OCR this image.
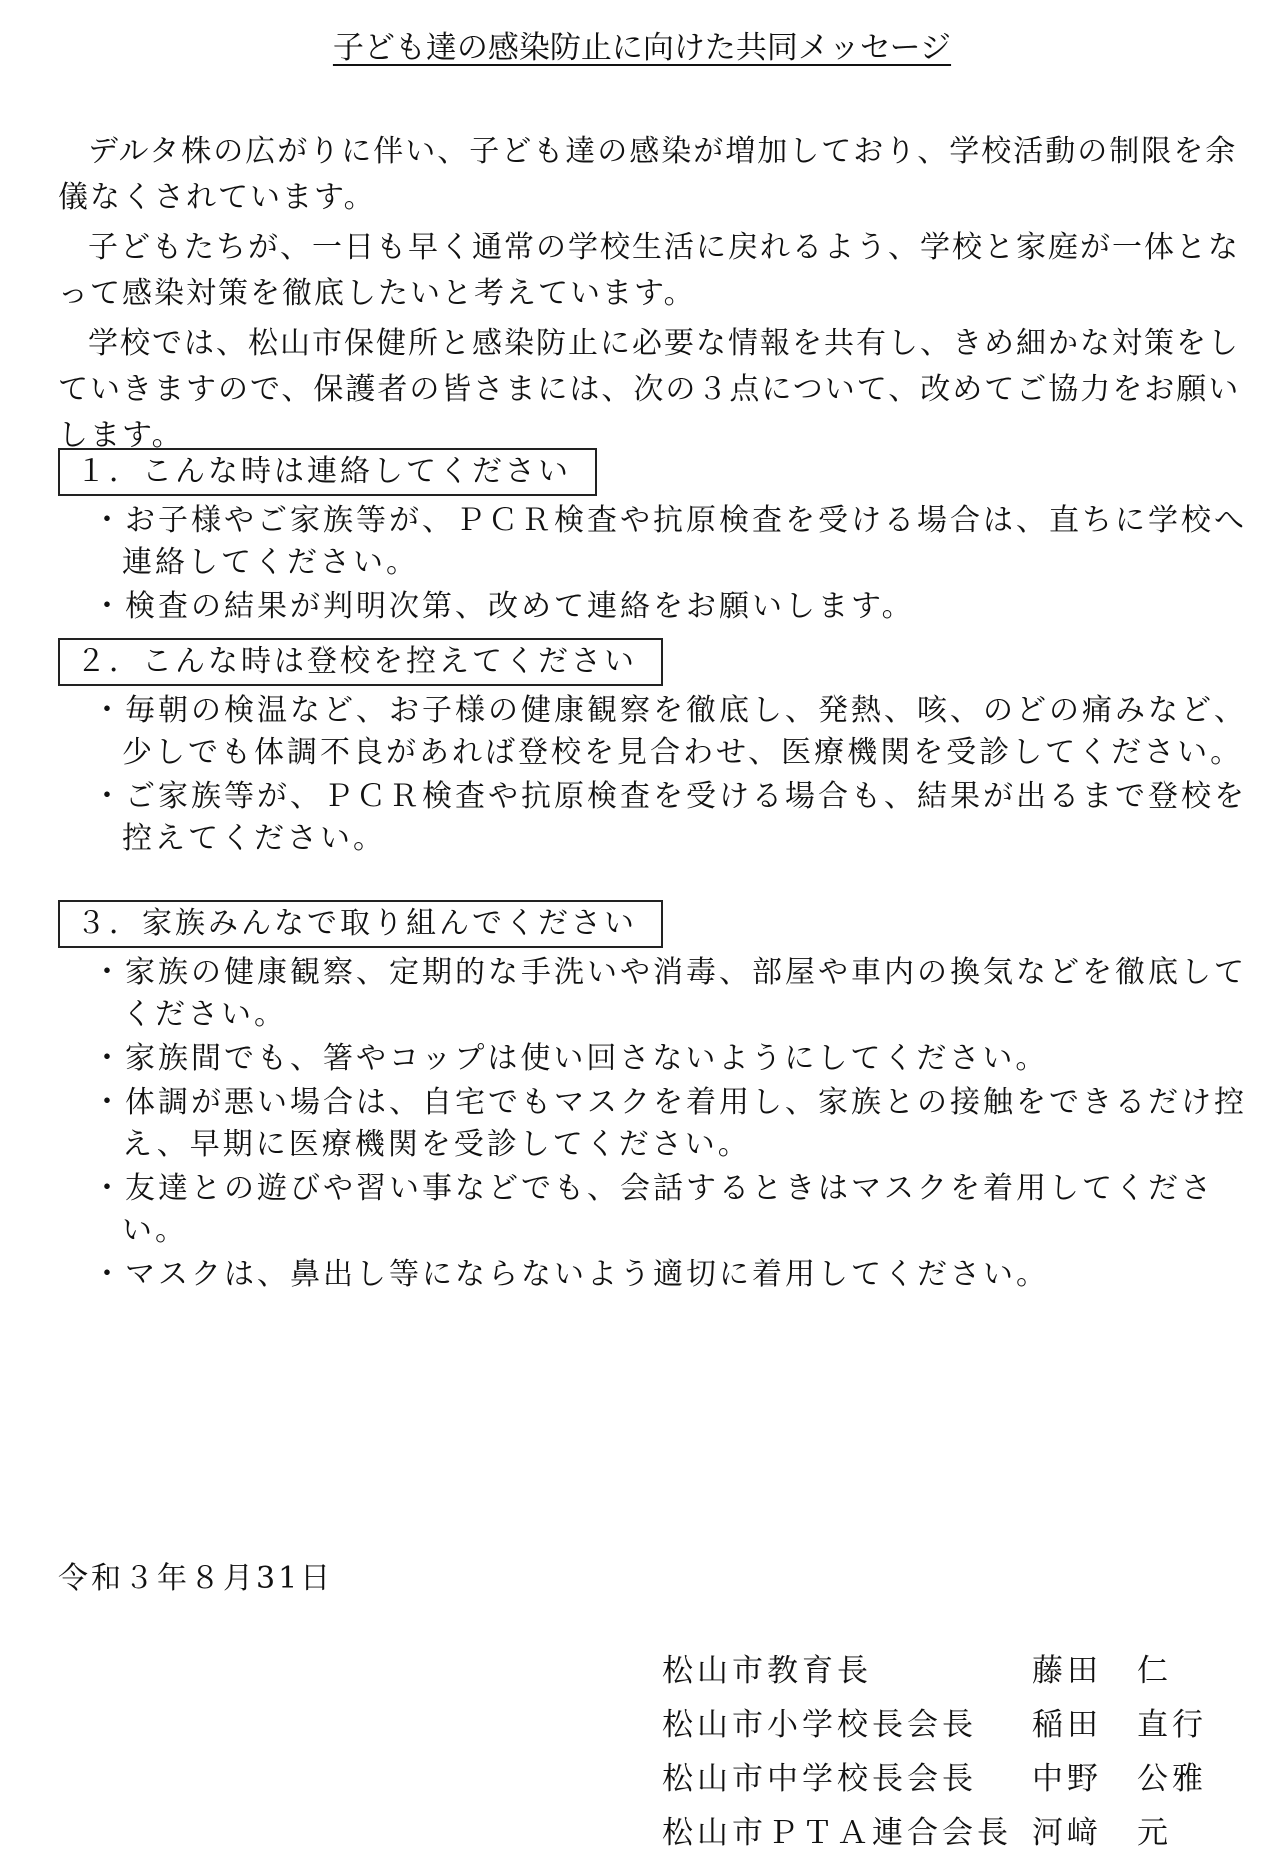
子ども達の感染防止に向けた共同メッセージ

デルタ株の広がりに伴い、子ども達の感染が増加しており、学校活動の制限を余儀なくされています。

子どもたちが、一日も早く通常の学校生活に戻れるよう、学校と家庭が一体となって感染対策を徹底したいと考えています。

学校では、松山市保健所と感染防止に必要な情報を共有し、きめ細かな対策をしていきますので、保護者の皆さまには、次の３点について、改めてご協力をお願いします。

１．こんな時は連絡してください
・お子様やご家族等が、ＰＣＲ検査や抗原検査を受ける場合は、直ちに学校へ連絡してください。
・検査の結果が判明次第、改めて連絡をお願いします。
２．こんな時は登校を控えてください
・毎朝の検温など、お子様の健康観察を徹底し、発熱、咳、のどの痛みなど、少しでも体調不良があれば登校を見合わせ、医療機関を受診してください。
・ご家族等が、ＰＣＲ検査や抗原検査を受ける場合も、結果が出るまで登校を控えてください。
３．家族みんなで取り組んでください
・家族の健康観察、定期的な手洗いや消毒、部屋や車内の換気などを徹底してください。
・家族間でも、箸やコップは使い回さないようにしてください。
・体調が悪い場合は、自宅でもマスクを着用し、家族との接触をできるだけ控え、早期に医療機関を受診してください。
・友達との遊びや習い事などでも、会話するときはマスクを着用してください。
・マスクは、鼻出し等にならないよう適切に着用してください。
令和３年８月31日
松山市教育長	藤田　仁
松山市小学校長会長	稲田　直行
松山市中学校長会長	中野　公雅
松山市ＰＴＡ連合会長 河﨑　元
